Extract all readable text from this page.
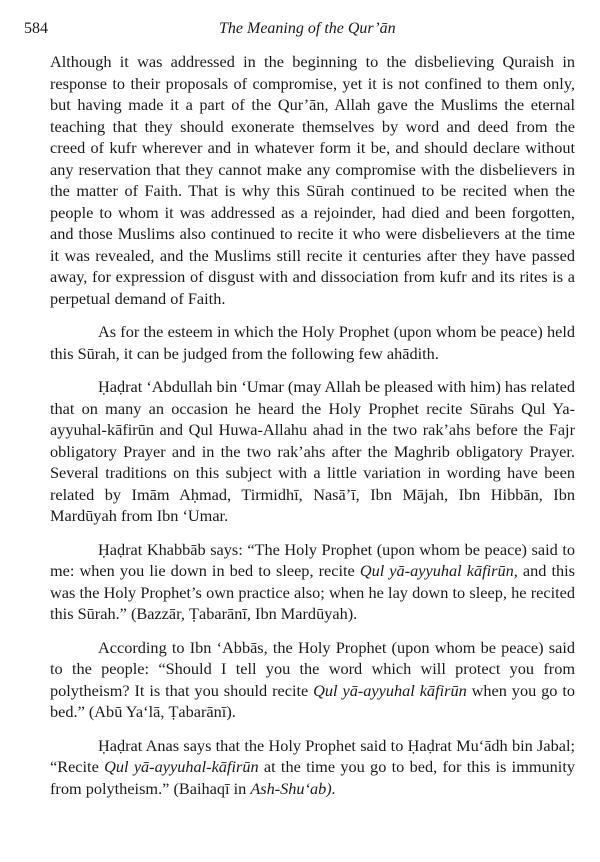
584	The Meaning of the Qur’ān

Although it was addressed in the beginning to the disbelieving Quraish in response to their proposals of compromise, yet it is not confined to them only, but having made it a part of the Qur’ān, Allah gave the Muslims the eternal teaching that they should exonerate themselves by word and deed from the creed of kufr wherever and in whatever form it be, and should declare without any reservation that they cannot make any compromise with the disbelievers in the matter of Faith. That is why this Sūrah continued to be recited when the people to whom it was addressed as a rejoinder, had died and been forgotten, and those Muslims also continued to recite it who were disbelievers at the time it was revealed, and the Muslims still recite it centuries after they have passed away, for expression of disgust with and dissociation from kufr and its rites is a perpetual demand of Faith.

As for the esteem in which the Holy Prophet (upon whom be peace) held this Sūrah, it can be judged from the following few ahādith.

Ḥaḍrat ‘Abdullah bin ‘Umar (may Allah be pleased with him) has related that on many an occasion he heard the Holy Prophet recite Sūrahs Qul Ya-ayyuhal-kāfirūn and Qul Huwa-Allahu ahad in the two rak’ahs before the Fajr obligatory Prayer and in the two rak’ahs after the Maghrib obligatory Prayer. Several traditions on this subject with a little variation in wording have been related by Imām Aḥmad, Tirmidhī, Nasā’ī, Ibn Mājah, Ibn Hibbān, Ibn Mardūyah from Ibn ‘Umar.

Ḥaḍrat Khabbāb says: “The Holy Prophet (upon whom be peace) said to me: when you lie down in bed to sleep, recite Qul yā-ayyuhal kāfirūn, and this was the Holy Prophet’s own practice also; when he lay down to sleep, he recited this Sūrah.” (Bazzār, Ṭabarānī, Ibn Mardūyah).

According to Ibn ‘Abbās, the Holy Prophet (upon whom be peace) said to the people: “Should I tell you the word which will protect you from polytheism? It is that you should recite Qul yā-ayyuhal kāfirūn when you go to bed.” (Abū Ya‘lā, Ṭabarānī).

Ḥaḍrat Anas says that the Holy Prophet said to Ḥaḍrat Mu‘ādh bin Jabal; “Recite Qul yā-ayyuhal-kāfirūn at the time you go to bed, for this is immunity from polytheism.” (Baihaqī in Ash-Shu‘ab).
